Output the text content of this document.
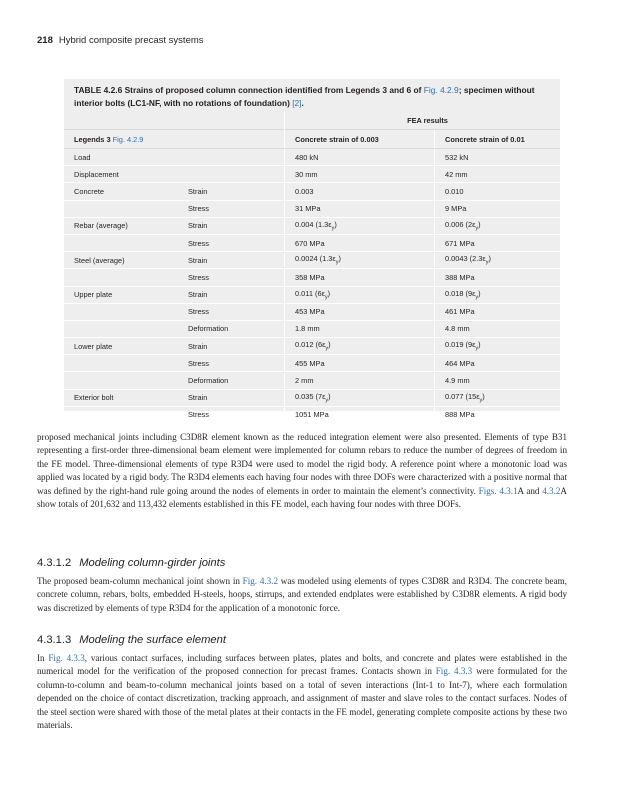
218 Hybrid composite precast systems
TABLE 4.2.6 Strains of proposed column connection identified from Legends 3 and 6 of Fig. 4.2.9; specimen without interior bolts (LC1-NF, with no rotations of foundation) [2].
		FEA results	
Legends 3 Fig. 4.2.9		Concrete strain of 0.003	Concrete strain of 0.01
Load		480 kN	532 kN
Displacement		30 mm	42 mm
Concrete	Strain	0.003	0.010
	Stress	31 MPa	9 MPa
Rebar (average)	Strain	0.004 $(1.3\varepsilon_y)$	0.006 $(2\varepsilon_y)$
	Stress	670 MPa	671 MPa
Steel (average)	Strain	0.0024 $(1.3\varepsilon_y)$	0.0043 $(2.3\varepsilon_y)$
	Stress	358 MPa	388 MPa
Upper plate	Strain	0.011 $(6\varepsilon_y)$	0.018 $(9\varepsilon_y)$
	Stress	453 MPa	461 MPa
	Deformation	1.8 mm	4.8 mm
Lower plate	Strain	0.012 $(6\varepsilon_y)$	0.019 $(9\varepsilon_y)$
	Stress	455 MPa	464 MPa
	Deformation	2 mm	4.9 mm
Exterior bolt	Strain	0.035 $(7\varepsilon_y)$	0.077 $(15\varepsilon_y)$
	Stress	1051 MPa	888 MPa
proposed mechanical joints including C3D8R element known as the reduced integration element were also presented. Elements of type B31 representing a first-order three-dimensional beam element were implemented for column rebars to reduce the number of degrees of freedom in the FE model. Three-dimensional elements of type R3D4 were used to model the rigid body. A reference point where a monotonic load was applied was located by a rigid body. The R3D4 elements each having four nodes with three DOFs were characterized with a positive normal that was defined by the right-hand rule going around the nodes of elements in order to maintain the element’s connectivity. Figs. 4.3.1A and 4.3.2A show totals of 201,632 and 113,432 elements established in this FE model, each having four nodes with three DOFs.
4.3.1.2 Modeling column-girder joints
The proposed beam-column mechanical joint shown in Fig. 4.3.2 was modeled using elements of types C3D8R and R3D4. The concrete beam, concrete column, rebars, bolts, embedded H-steels, hoops, stirrups, and extended endplates were established by C3D8R elements. A rigid body was discretized by elements of type R3D4 for the application of a monotonic force.
4.3.1.3 Modeling the surface element
In Fig. 4.3.3, various contact surfaces, including surfaces between plates, plates and bolts, and concrete and plates were established in the numerical model for the verification of the proposed connection for precast frames. Contacts shown in Fig. 4.3.3 were formulated for the column-to-column and beam-to-column mechanical joints based on a total of seven interactions (Int-1 to Int-7), where each formulation depended on the choice of contact discretization, tracking approach, and assignment of master and slave roles to the contact surfaces. Nodes of the steel section were shared with those of the metal plates at their contacts in the FE model, generating complete composite actions by these two materials.
